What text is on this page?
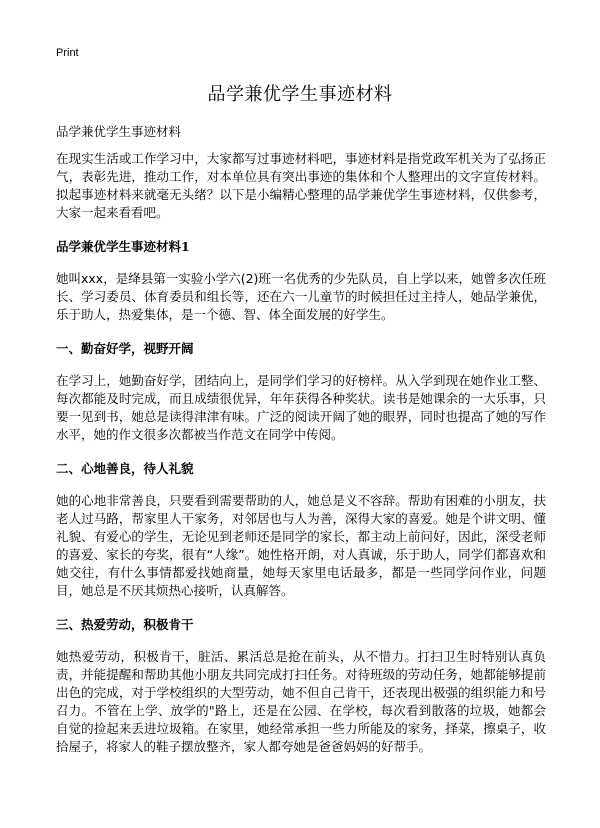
Print
品学兼优学生事迹材料

品学兼优学生事迹材料

在现实生活或工作学习中，大家都写过事迹材料吧，事迹材料是指党政军机关为了弘扬正气，表彰先进，推动工作，对本单位具有突出事迹的集体和个人整理出的文字宣传材料。拟起事迹材料来就毫无头绪？以下是小编精心整理的品学兼优学生事迹材料，仅供参考，大家一起来看看吧。

品学兼优学生事迹材料1

她叫xxx，是绛县第一实验小学六(2)班一名优秀的少先队员，自上学以来，她曾多次任班长、学习委员、体育委员和组长等，还在六一儿童节的时候担任过主持人，她品学兼优，乐于助人，热爱集体，是一个德、智、体全面发展的好学生。

一、勤奋好学，视野开阔

在学习上，她勤奋好学，团结向上，是同学们学习的好榜样。从入学到现在她作业工整、每次都能及时完成，而且成绩很优异，年年获得各种奖状。读书是她课余的一大乐事，只要一见到书，她总是读得津津有味。广泛的阅读开阔了她的眼界，同时也提高了她的写作水平，她的作文很多次都被当作范文在同学中传阅。

二、心地善良，待人礼貌

她的心地非常善良，只要看到需要帮助的人，她总是义不容辞。帮助有困难的小朋友，扶老人过马路，帮家里人干家务，对邻居也与人为善，深得大家的喜爱。她是个讲文明、懂礼貌、有爱心的学生，无论见到老师还是同学的家长，都主动上前问好，因此，深受老师的喜爱、家长的夸奖，很有“人缘”。她性格开朗，对人真诚，乐于助人，同学们都喜欢和她交往，有什么事情都爱找她商量，她每天家里电话最多，都是一些同学问作业，问题目，她总是不厌其烦热心接听，认真解答。

三、热爱劳动，积极肯干

她热爱劳动，积极肯干，脏活、累活总是抢在前头，从不惜力。打扫卫生时特别认真负责，并能提醒和帮助其他小朋友共同完成打扫任务。对待班级的劳动任务，她都能够提前出色的完成，对于学校组织的大型劳动，她不但自己肯干，还表现出极强的组织能力和号召力。不管在上学、放学的"路上，还是在公园、在学校，每次看到散落的垃圾，她都会自觉的捡起来丢进垃圾箱。在家里，她经常承担一些力所能及的家务，择菜，擦桌子，收拾屋子，将家人的鞋子摆放整齐，家人都夸她是爸爸妈妈的好帮手。
